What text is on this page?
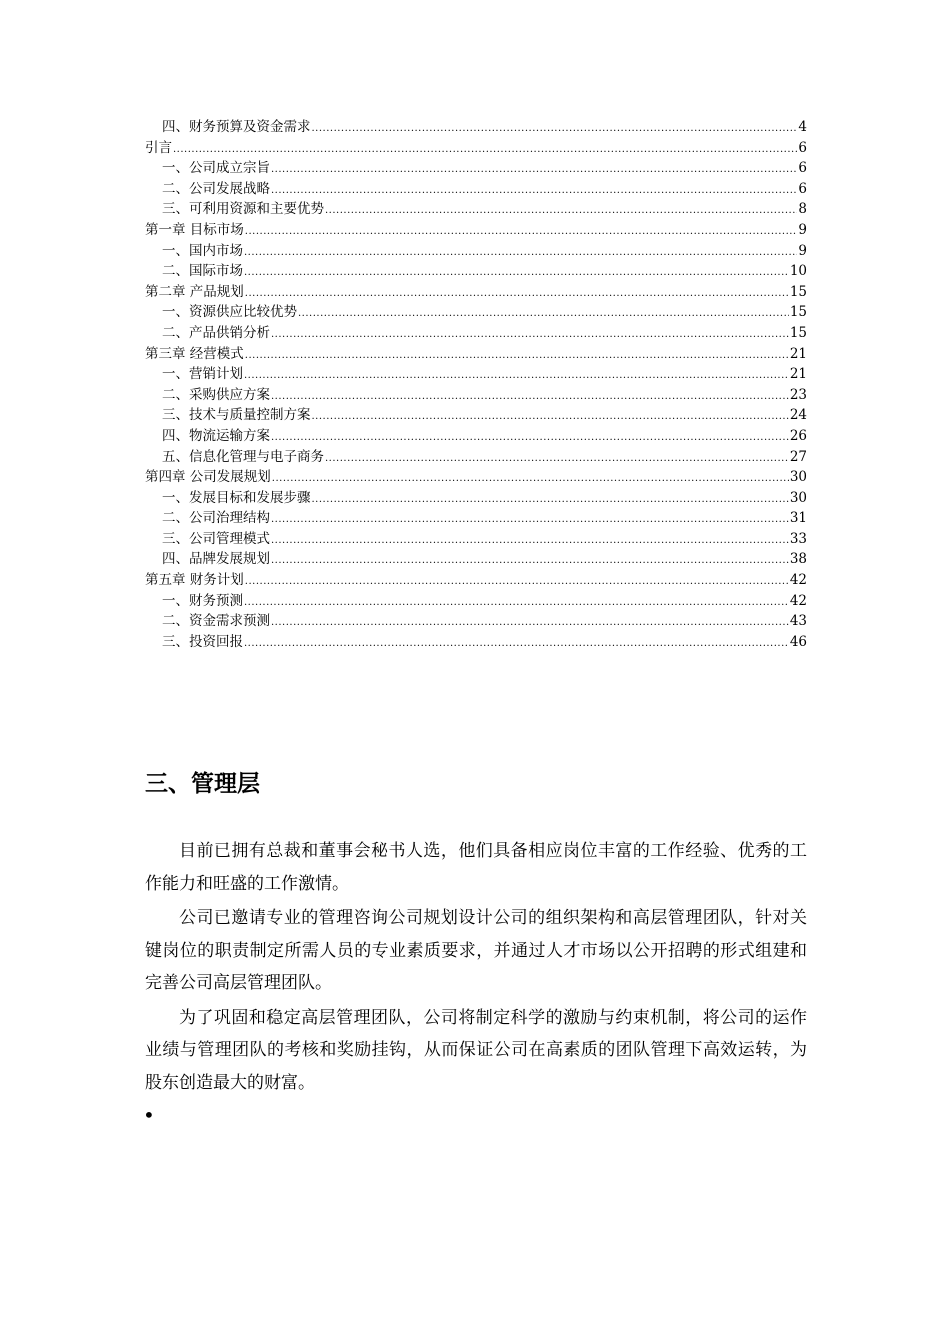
四、财务预算及资金需求 .....	4
引言 .....	6
一、公司成立宗旨 .....	6
二、公司发展战略 .....	6
三、可利用资源和主要优势 .....	8
第一章 目标市场 .....	9
一、国内市场 .....	9
二、国际市场 .....	10
第二章 产品规划 .....	15
一、资源供应比较优势 .....	15
二、产品供销分析 .....	15
第三章 经营模式 .....	21
一、营销计划 .....	21
二、采购供应方案 .....	23
三、技术与质量控制方案 .....	24
四、物流运输方案 .....	26
五、信息化管理与电子商务 .....	27
第四章 公司发展规划 .....	30
一、发展目标和发展步骤 .....	30
二、公司治理结构 .....	31
三、公司管理模式 .....	33
四、品牌发展规划 .....	38
第五章 财务计划 .....	42
一、财务预测 .....	42
二、资金需求预测 .....	43
三、投资回报 .....	46
三、管理层

目前已拥有总裁和董事会秘书人选，他们具备相应岗位丰富的工作经验、优秀的工作能力和旺盛的工作激情。

公司已邀请专业的管理咨询公司规划设计公司的组织架构和高层管理团队，针对关键岗位的职责制定所需人员的专业素质要求，并通过人才市场以公开招聘的形式组建和完善公司高层管理团队。

为了巩固和稳定高层管理团队，公司将制定科学的激励与约束机制，将公司的运作业绩与管理团队的考核和奖励挂钩，从而保证公司在高素质的团队管理下高效运转，为股东创造最大的财富。

•
